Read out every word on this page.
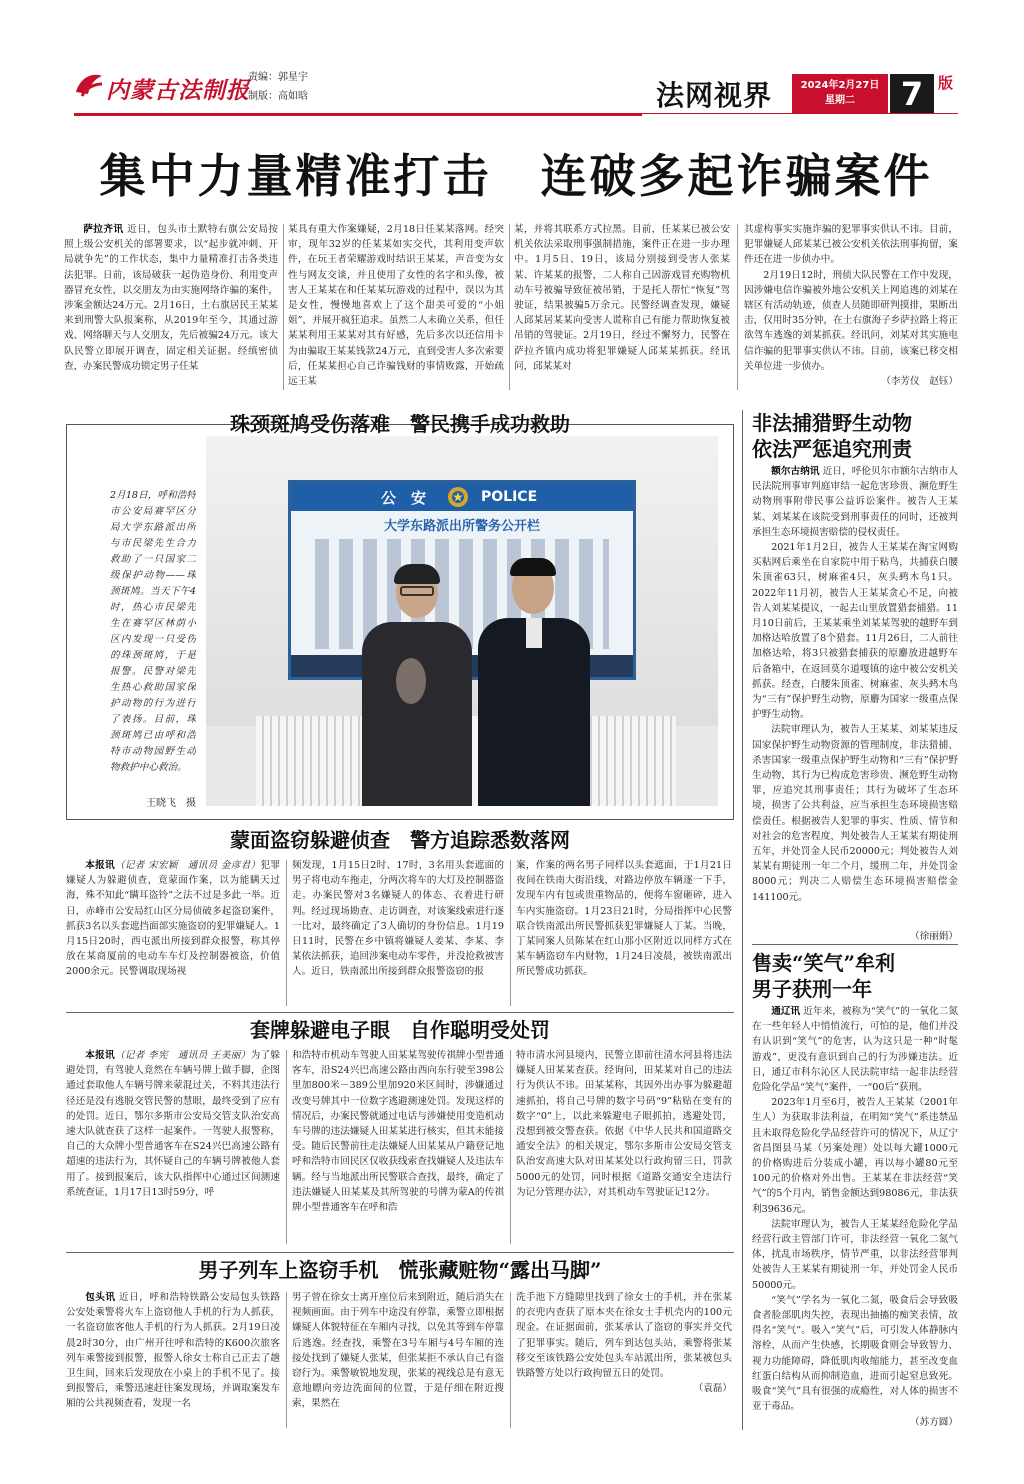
内蒙古法制报
责编：郭星宇
制版：高如晗	法网视界	2024年2月27日
星期二	7 版
集中力量精准打击　连破多起诈骗案件

萨拉齐讯 近日，包头市土默特右旗公安局按照上级公安机关的部署要求，以“起步就冲刺、开局就争先”的工作状态，集中力量精准打击各类违法犯罪。日前，该局破获一起伪造身份、利用变声器冒充女性，以交朋友为由实施网络诈骗的案件，涉案金额达24万元。2月16日，土右旗居民王某某来到刑警大队报案称，从2019年至今，其通过游戏、网络聊天与人交朋友，先后被骗24万元。该大队民警立即展开调查，固定相关证据。经缜密侦查，办案民警成功锁定男子任某

某具有重大作案嫌疑，2月18日任某某落网。经突审，现年32岁的任某某如实交代，其利用变声软件，在玩王者荣耀游戏时结识王某某，声音变为女性与网友交谈，并且使用了女性的名字和头像，被害人王某某在和任某某玩游戏的过程中，误以为其是女性，慢慢地喜欢上了这个甜美可爱的“小姐姐”，并展开疯狂追求。虽然二人未确立关系，但任某某利用王某某对其有好感，先后多次以还信用卡为由骗取王某某钱款24万元，直到受害人多次索要后，任某某担心自己诈骗钱财的事情败露，开始疏远王某

某，并将其联系方式拉黑。目前，任某某已被公安机关依法采取刑事强制措施，案件正在进一步办理中。1月5日、19日，该局分别接到受害人张某某、许某某的报警，二人称自己因游戏冒充购物机动车号被骗导致征被吊销，于是托人帮忙“恢复”驾驶证，结果被骗5万余元。民警经调查发现，嫌疑人邱某居某某向受害人谎称自己有能力帮助恢复被吊销的驾驶证。2月19日，经过不懈努力，民警在萨拉齐镇内成功将犯罪嫌疑人邱某某抓获。经讯问，邱某某对

其虚构事实实施诈骗的犯罪事实供认不讳。目前，犯罪嫌疑人邱某某已被公安机关依法刑事拘留，案件还在进一步侦办中。

2月19日12时，刑侦大队民警在工作中发现，因涉嫌电信诈骗被外地公安机关上网追逃的刘某在辖区有活动轨迹，侦查人员随即研判摸排，果断出击，仅用时35分钟，在土右旗海子乡萨拉路上将正欲驾车逃逸的刘某抓获。经讯问，刘某对其实施电信诈骗的犯罪事实供认不讳。目前，该案已移交相关单位进一步侦办。

（李芳仪　赵钰）
珠颈斑鸠受伤落难　警民携手成功救助

2月18日，呼和浩特市公安局赛罕区分局大学东路派出所与市民梁先生合力救助了一只国家二级保护动物——珠颈斑鸠。当天下午4时，热心市民梁先生在赛罕区林荫小区内发现一只受伤的珠颈斑鸠，于是报警。民警对梁先生热心救助国家保护动物的行为进行了表扬。目前，珠颈斑鸠已由呼和浩特市动物园野生动物救护中心救治。

王晓飞　摄
公　安	POLICE
大学东路派出所警务公开栏
蒙面盗窃躲避侦查　警方追踪悉数落网

本报讯（记者 宋宏颖　通讯员 金彦君）犯罪嫌疑人为躲避侦查，竟蒙面作案，以为能瞒天过海，殊不知此“瞒耳盗铃”之法不过是多此一举。近日，赤峰市公安局红山区分局侦破多起盗窃案件，抓获3名以头套遮挡面部实施盗窃的犯罪嫌疑人。1月15日20时，西屯派出所接到群众报警，称其停放在某商厦前的电动车车灯及控制器被盗，价值2000余元。民警调取现场视

频发现，1月15日2时、17时，3名用头套遮面的男子将电动车拖走，分两次将车的大灯及控制器盗走。办案民警对3名嫌疑人的体态、衣着进行研判。经过现场勘查、走访调查，对该案线索进行逐一比对，最终确定了3人确切的身份信息。1月19日11时，民警在乡中镇将嫌疑人姜某、李某、李某依法抓获，追回涉案电动车零件，并没抢救被害人。近日，铁南派出所接到群众报警盗窃的报

案，作案的两名男子同样以头套遮面，于1月21日夜间在铁南大街沿线，对路边停放车辆逐一下手，发现车内有包或贵重物品的，便将车窗砸碎，进入车内实施盗窃。1月23日21时，分局指挥中心民警联合铁南派出所民警抓获犯罪嫌疑人丁某。当晚，丁某同案人员陈某在红山那小区附近以同样方式在某车辆盗窃车内财物，1月24日凌晨，被铁南派出所民警成功抓获。

套牌躲避电子眼　自作聪明受处罚

本报讯（记者 李宪　通讯员 王美丽）为了躲避处罚，有驾驶人竟然在车辆号牌上做手脚，企图通过套取他人车辆号牌来蒙混过关，不料其违法行径还是没有逃脱交管民警的慧眼，最终受到了应有的处罚。近日，鄂尔多斯市公安局交管支队治安高速大队就查获了这样一起案件。一驾驶人报警称，自己的大众牌小型普通客车在S24兴巴高速公路有超速的违法行为，其怀疑自己的车辆号牌被他人套用了。接到报案后，该大队指挥中心通过区间测速系统查证，1月17日13时59分，呼

和浩特市机动车驾驶人田某某驾驶传祺牌小型普通客车，沿S24兴巴高速公路由西向东行驶至398公里加800米－389公里加920米区间时，涉嫌通过改变号牌其中一位数字逃避测速处罚。发现这样的情况后，办案民警就通过电话与涉嫌使用变造机动车号牌的违法嫌疑人田某某进行核实，但其未能接受。随后民警前往走法嫌疑人田某某从户籍登记地呼和浩特市回民区仅收获线索查找嫌疑人及违法车辆。经与当地派出所民警联合查找，最终，确定了违法嫌疑人田某某及其所驾驶的号牌为蒙A的传祺牌小型普通客车在呼和浩

特市清水河县境内，民警立即前往清水河县将违法嫌疑人田某某查获。经询问，田某某对自己的违法行为供认不讳。田某某称，其因外出办事为躲避超速抓拍，将自己号牌的数字号码“9”粘贴在变有的数字“0”上，以此来躲避电子眼抓拍，逃避处罚，没想到被交警查获。依据《中华人民共和国道路交通安全法》的相关规定，鄂尔多斯市公安局交管支队治安高速大队对田某某处以行政拘留三日，罚款5000元的处罚，同时根据《道路交通安全违法行为记分管理办法》，对其机动车驾驶证记12分。

男子列车上盗窃手机　慌张藏赃物“露出马脚”

包头讯 近日，呼和浩特铁路公安局包头铁路公安处乘警将火车上盗窃他人手机的行为人抓获，一名盗窃旅客他人手机的行为人抓获。2月19日凌晨2时30分，由广州开往呼和浩特的K600次旅客列车乘警接到报警，报警人徐女士称自己正去了趟卫生间，回来后发现放在小桌上的手机不见了。接到报警后，乘警迅速赶往案发现场，并调取案发车厢的公共视频查看，发现一名

男子曾在徐女士离开座位后来到附近，随后消失在视频画面。由于列车中途没有停靠，乘警立即根据嫌疑人体貌特征在车厢内寻找，以免其等到车停靠后逃逸。经查找，乘警在3号车厢与4号车厢的连接处找到了嫌疑人张某，但张某拒不承认自己有盗窃行为。乘警敏锐地发现，张某的视线总是有意无意地瞟向旁边洗面间的位置，于是仔细在附近搜索，果然在

洗手池下方缝隙里找到了徐女士的手机，并在张某的衣兜内查获了原本夹在徐女士手机壳内的100元现金。在证据面前，张某承认了盗窃的事实并交代了犯罪事实。随后，列车到达包头站，乘警将张某移交至该铁路公安处包头车站派出所，张某被包头铁路警方处以行政拘留五日的处罚。

（袁磊）
非法捕猎野生动物
依法严惩追究刑责

额尔古纳讯 近日，呼伦贝尔市额尔古纳市人民法院刑事审判庭审结一起危害珍贵、濒危野生动物刑事附带民事公益诉讼案件。被告人王某某、刘某某在该院受到刑事责任的同时，还被判承担生态环境损害赔偿的侵权责任。

2021年1月2日，被告人王某某在淘宝网购买粘网后乘坐在自家院中用于粘鸟，共捕获白腰朱顶雀63只，树麻雀4只，灰头鹀木鸟1只。2022年11月初，被告人王某某贪心不足，向被告人刘某某提议，一起去山里放置猎套捕猎。11月10日前后，王某某乘坐刘某某驾驶的越野车到加格达哈放置了8个猎套。11月26日，二人前往加格达哈，将3只被猎套捕获的原麝放进越野车后备箱中，在返回莫尔道嘎镇的途中被公安机关抓获。经查，白腰朱顶雀、树麻雀、灰头鹀木鸟为“三有”保护野生动物，原麝为国家一级重点保护野生动物。

法院审理认为，被告人王某某、刘某某违反国家保护野生动物资源的管理制度，非法猎捕、杀害国家一级重点保护野生动物和“三有”保护野生动物，其行为已构成危害珍贵、濒危野生动物罪，应追究其刑事责任；其行为破坏了生态环境，损害了公共利益，应当承担生态环境损害赔偿责任。根据被告人犯罪的事实、性质、情节和对社会的危害程度，判处被告人王某某有期徒刑五年，并处罚金人民币20000元；判处被告人刘某某有期徒刑一年二个月，缓刑二年，并处罚金8000元；判决二人赔偿生态环境损害赔偿金141100元。

（徐丽娟）
售卖“笑气”牟利
男子获刑一年

通辽讯 近年来，被称为“笑气”的一氧化二氮在一些年轻人中悄悄流行，可怕的是，他们并没有认识到“笑气”的危害，认为这只是一种“时髦游戏”，更没有意识到自己的行为涉嫌违法。近日，通辽市科尔沁区人民法院审结一起非法经营危险化学品“笑气”案件，一“00后”获刑。

2023年1月至6月，被告人王某某（2001年生人）为获取非法利益，在明知“笑气”系违禁品且未取得危险化学品经营许可的情况下，从辽宁省昌图县马某（另案处理）处以每大罐1000元的价格购进后分装成小罐，再以每小罐80元至100元的价格对外出售。王某某在非法经营“笑气”的5个月内，销售金额达到98086元，非法获利39636元。

法院审理认为，被告人王某某经危险化学品经营行政主管部门许可，非法经营一氧化二氮气体，扰乱市场秩序，情节严重，以非法经营罪判处被告人王某某有期徒刑一年，并处罚金人民币50000元。

“笑气”学名为一氧化二氮，吸食后会导致吸食者脸部肌肉失控，表现出抽搐的痴笑表情，故得名“笑气”。吸入“笑气”后，可引发人体静脉内溶栓，从而产生快感，长期吸食则会导致智力、视力功能障碍，降低肌肉收缩能力，甚至改变血红蛋白结构从而抑制造血，进而引起窒息致死。吸食“笑气”具有很强的成瘾性，对人体的损害不亚于毒品。

（苏方圆）
